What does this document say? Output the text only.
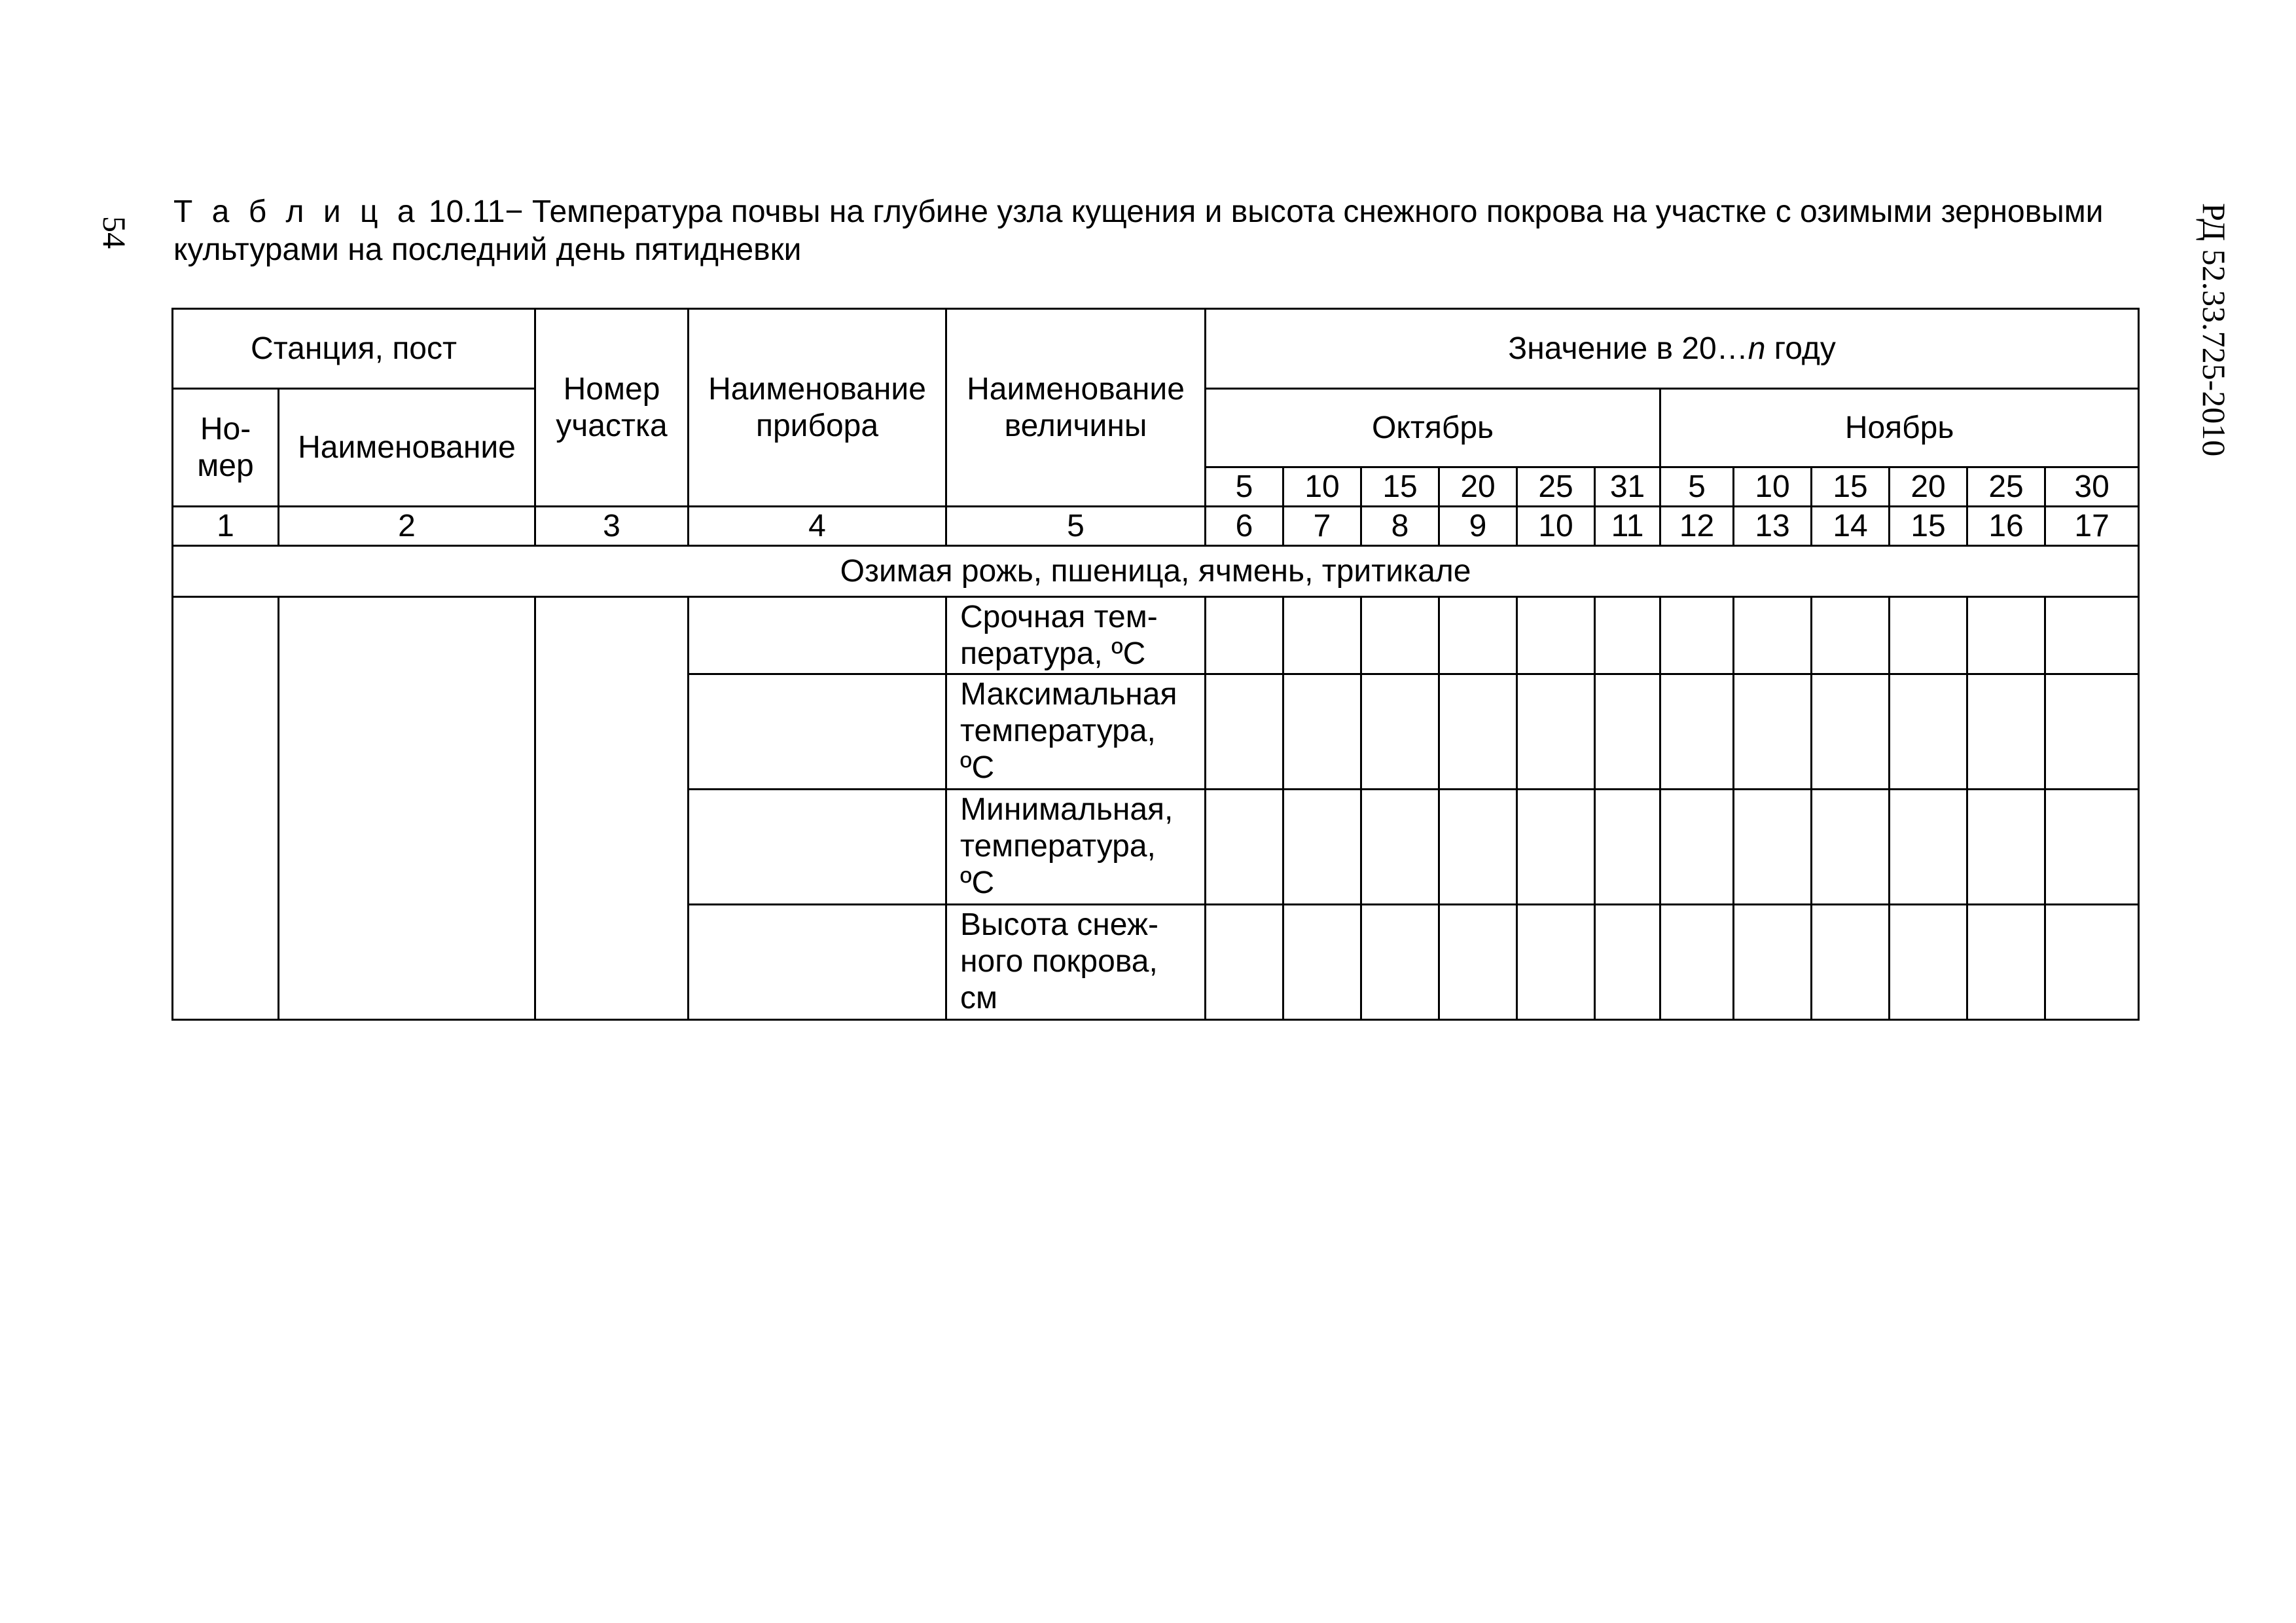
54	РД 52.33.725-2010
Т а б л и ц а 10.11− Температура почвы на глубине узла кущения и высота снежного покрова на участке с озимыми зерновыми культурами на последний день пятидневки
Станция, пост		Номер участка	Наименование прибора	Наименование величины	Значение в 20…n году											
Но-мер	Наименование				Октябрь						Ноябрь					
					5	10	15	20	25	31	5	10	15	20	25	30
1	2	3	4	5	6	7	8	9	10	11	12	13	14	15	16	17
Озимая рожь, пшеница, ячмень, тритикале																
				Срочная тем-пература, ºС												
				Максимальная температура, ºС												
				Минимальная, температура, ºС												
				Высота снеж-ного покрова, см												
